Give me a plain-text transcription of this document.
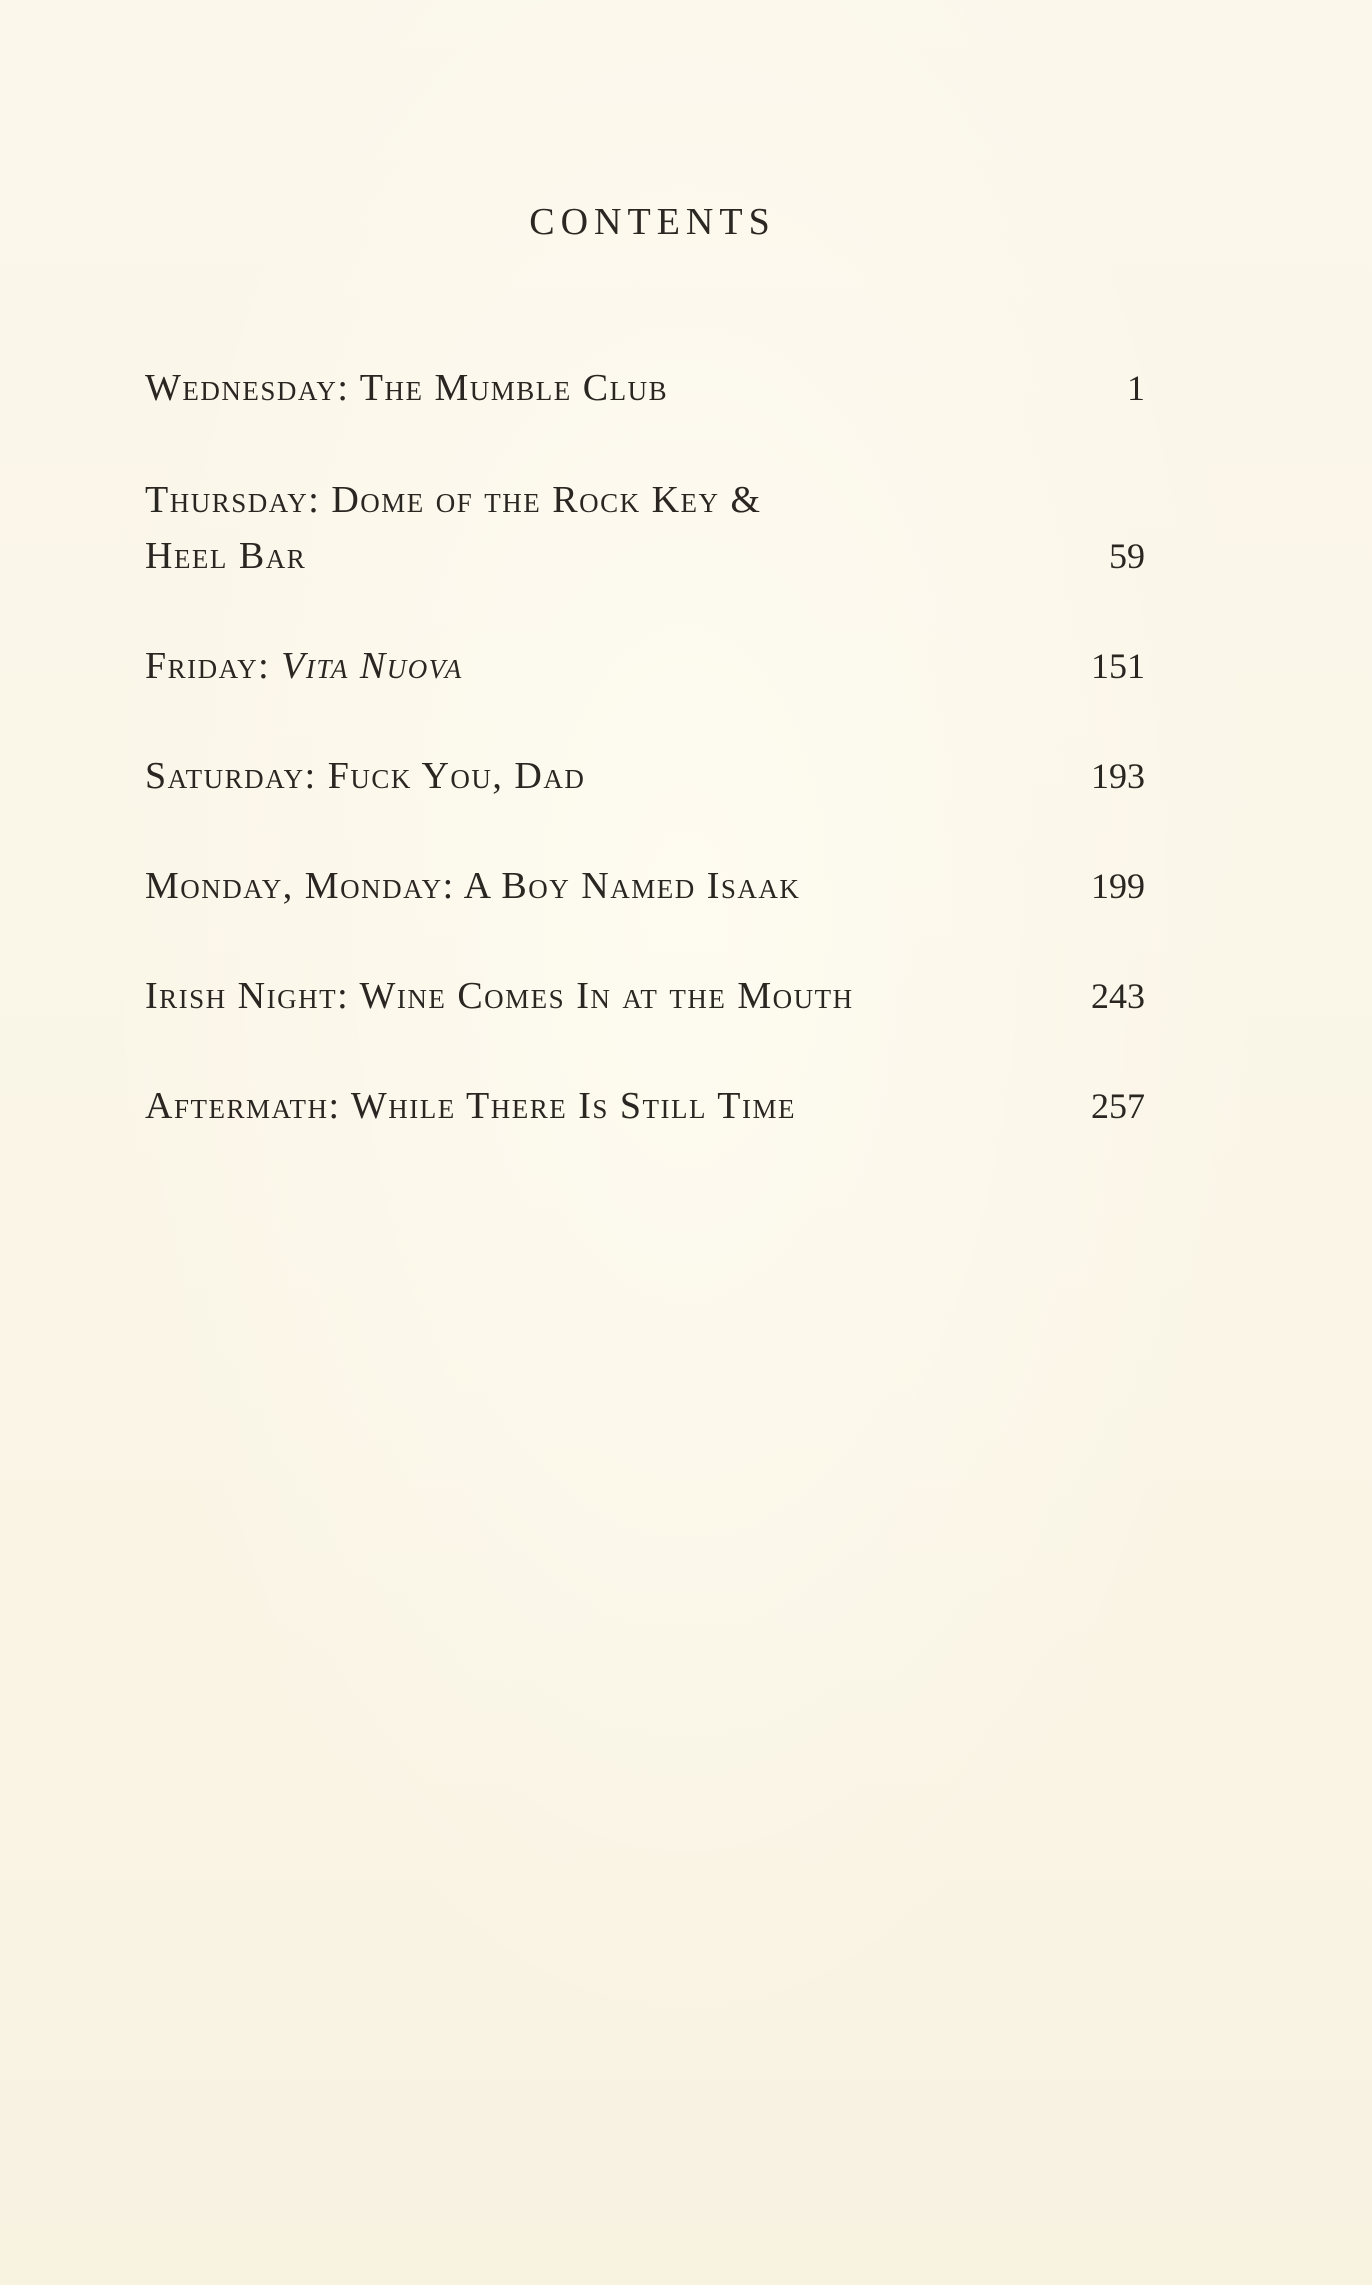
CONTENTS
Wednesday: The Mumble Club	1
Thursday: Dome of the Rock Key &
Heel Bar	59
Friday: Vita Nuova	151
Saturday: Fuck You, Dad	193
Monday, Monday: A Boy Named Isaak	199
Irish Night: Wine Comes In at the Mouth	243
Aftermath: While There Is Still Time	257
